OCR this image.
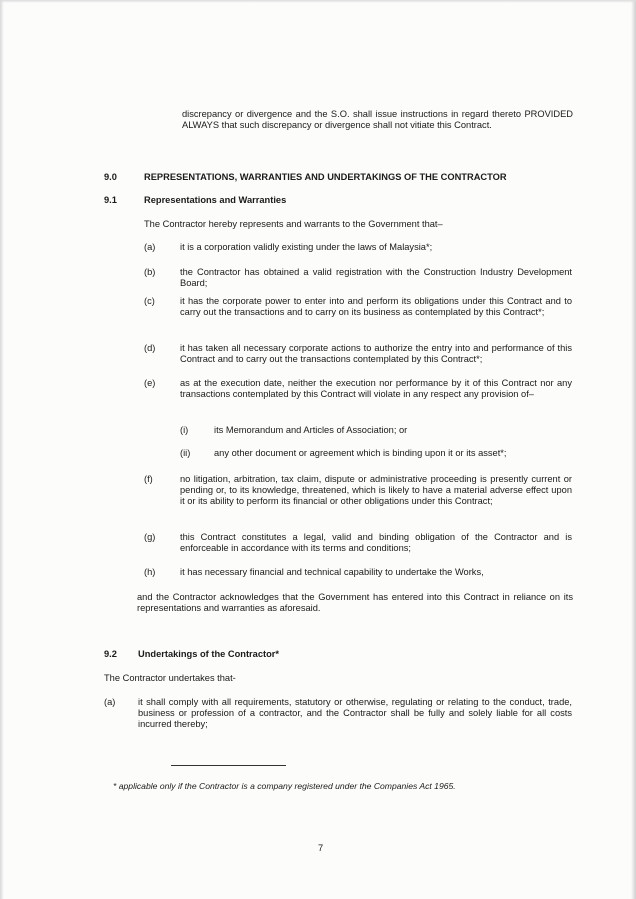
discrepancy or divergence and the S.O. shall issue instructions in regard thereto PROVIDED ALWAYS that such discrepancy or divergence shall not vitiate this Contract.
9.0	REPRESENTATIONS, WARRANTIES AND UNDERTAKINGS OF THE CONTRACTOR
9.1	Representations and Warranties
The Contractor hereby represents and warrants to the Government that–
(a)	it is a corporation validly existing under the laws of Malaysia*;
(b)	the Contractor has obtained a valid registration with the Construction Industry Development Board;
(c)	it has the corporate power to enter into and perform its obligations under this Contract and to carry out the transactions and to carry on its business as contemplated by this Contract*;
(d)	it has taken all necessary corporate actions to authorize the entry into and performance of this Contract and to carry out the transactions contemplated by this Contract*;
(e)	as at the execution date, neither the execution nor performance by it of this Contract nor any transactions contemplated by this Contract will violate in any respect any provision of–
(i)	its Memorandum and Articles of Association; or
(ii)	any other document or agreement which is binding upon it or its asset*;
(f)	no litigation, arbitration, tax claim, dispute or administrative proceeding is presently current or pending or, to its knowledge, threatened, which is likely to have a material adverse effect upon it or its ability to perform its financial or other obligations under this Contract;
(g)	this Contract constitutes a legal, valid and binding obligation of the Contractor and is enforceable in accordance with its terms and conditions;
(h)	it has necessary financial and technical capability to undertake the Works,
and the Contractor acknowledges that the Government has entered into this Contract in reliance on its representations and warranties as aforesaid.
9.2 Undertakings of the Contractor*
The Contractor undertakes that-
(a) it shall comply with all requirements, statutory or otherwise, regulating or relating to the conduct, trade, business or profession of a contractor, and the Contractor shall be fully and solely liable for all costs incurred thereby;
* applicable only if the Contractor is a company registered under the Companies Act 1965.
7
